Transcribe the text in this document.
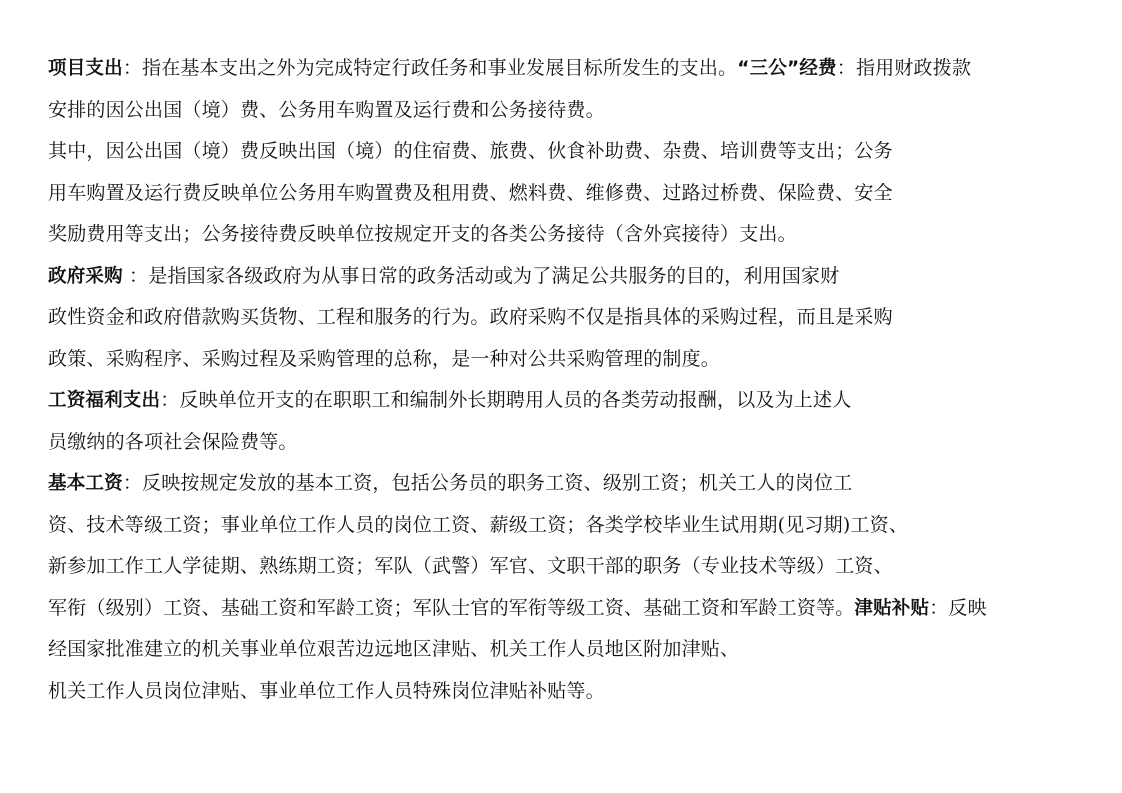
项目支出：指在基本支出之外为完成特定行政任务和事业发展目标所发生的支出。“三公”经费：指用财政拨款
安排的因公出国（境）费、公务用车购置及运行费和公务接待费。
其中，因公出国（境）费反映出国（境）的住宿费、旅费、伙食补助费、杂费、培训费等支出；公务
用车购置及运行费反映单位公务用车购置费及租用费、燃料费、维修费、过路过桥费、保险费、安全
奖励费用等支出；公务接待费反映单位按规定开支的各类公务接待（含外宾接待）支出。
政府采购 ：是指国家各级政府为从事日常的政务活动或为了满足公共服务的目的，利用国家财
政性资金和政府借款购买货物、工程和服务的行为。政府采购不仅是指具体的采购过程，而且是采购
政策、采购程序、采购过程及采购管理的总称，是一种对公共采购管理的制度。
工资福利支出：反映单位开支的在职职工和编制外长期聘用人员的各类劳动报酬，以及为上述人
员缴纳的各项社会保险费等。
基本工资：反映按规定发放的基本工资，包括公务员的职务工资、级别工资；机关工人的岗位工
资、技术等级工资；事业单位工作人员的岗位工资、薪级工资；各类学校毕业生试用期(见习期)工资、
新参加工作工人学徒期、熟练期工资；军队（武警）军官、文职干部的职务（专业技术等级）工资、
军衔（级别）工资、基础工资和军龄工资；军队士官的军衔等级工资、基础工资和军龄工资等。津贴补贴：反映
经国家批准建立的机关事业单位艰苦边远地区津贴、机关工作人员地区附加津贴、
机关工作人员岗位津贴、事业单位工作人员特殊岗位津贴补贴等。
